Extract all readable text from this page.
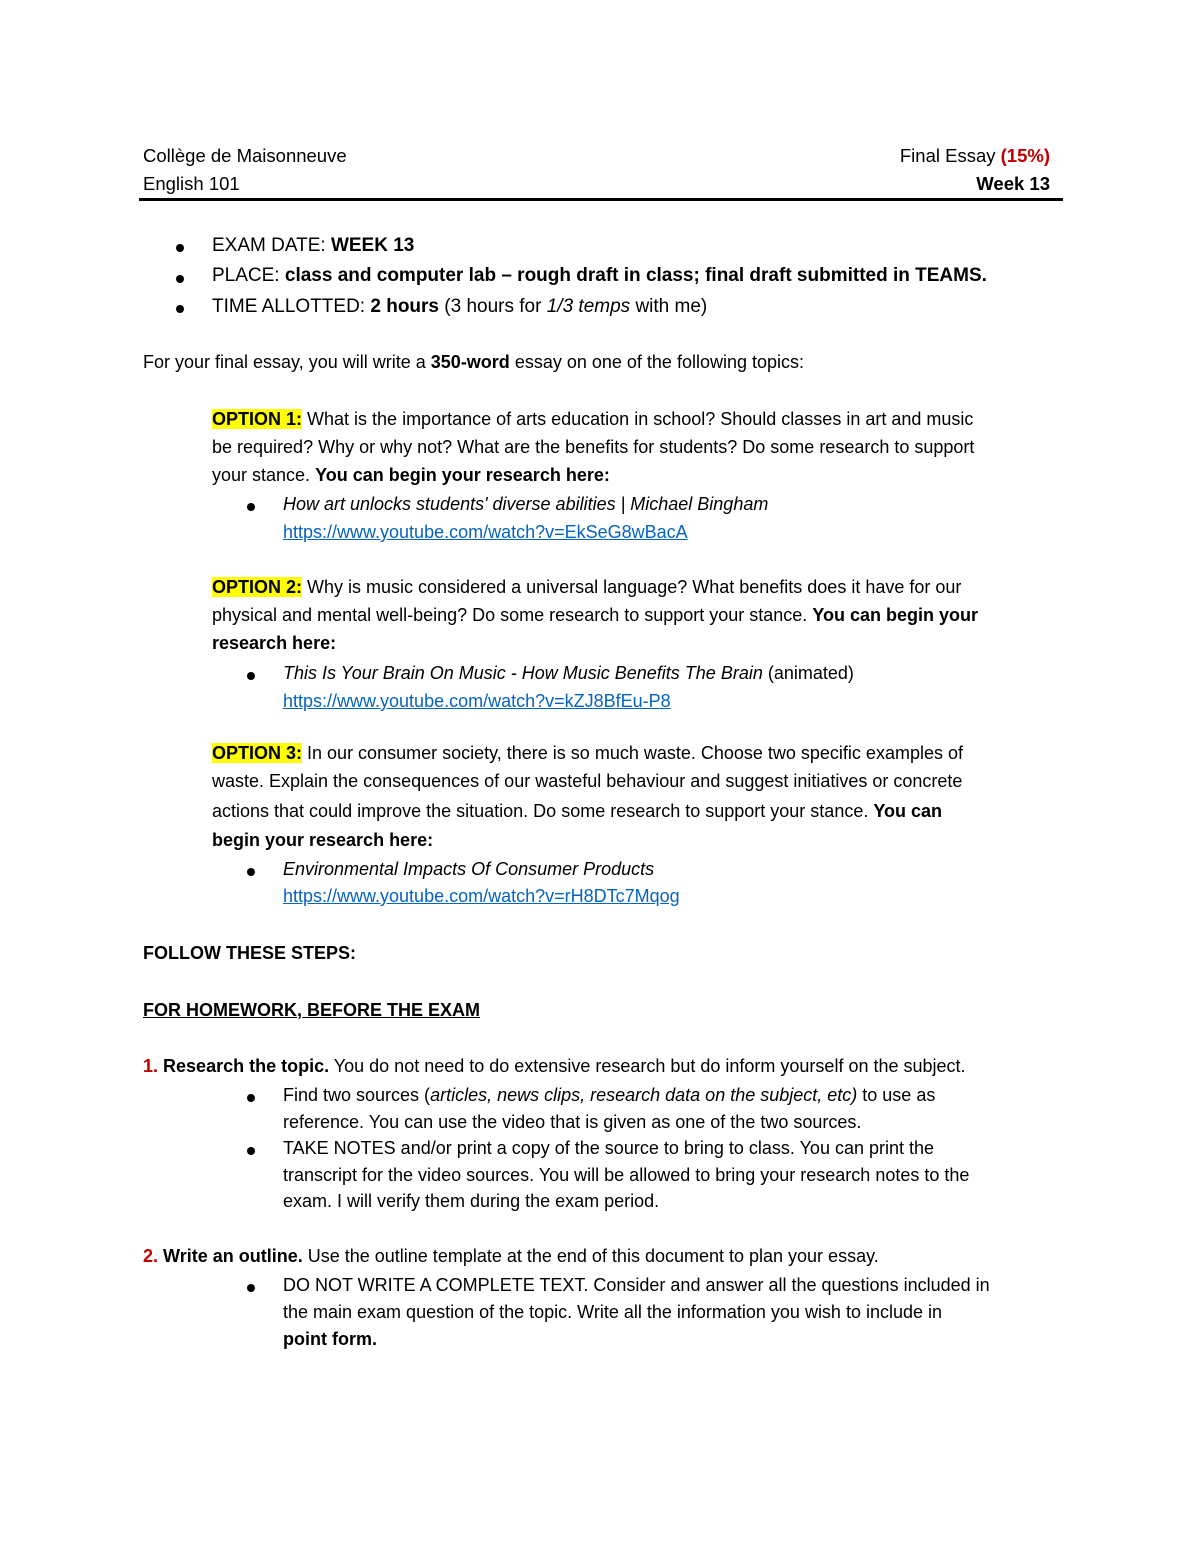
Collège de Maisonneuve
English 101
Final Essay (15%)
Week 13
EXAM DATE: WEEK 13
PLACE: class and computer lab – rough draft in class; final draft submitted in TEAMS.
TIME ALLOTTED: 2 hours (3 hours for 1/3 temps with me)
For your final essay, you will write a 350-word essay on one of the following topics:
OPTION 1: What is the importance of arts education in school? Should classes in art and music
be required? Why or why not? What are the benefits for students? Do some research to support
your stance. You can begin your research here:
How art unlocks students' diverse abilities | Michael Bingham
https://www.youtube.com/watch?v=EkSeG8wBacA
OPTION 2: Why is music considered a universal language? What benefits does it have for our
physical and mental well-being? Do some research to support your stance. You can begin your
research here:
This Is Your Brain On Music - How Music Benefits The Brain (animated)
https://www.youtube.com/watch?v=kZJ8BfEu-P8
OPTION 3: In our consumer society, there is so much waste. Choose two specific examples of
waste. Explain the consequences of our wasteful behaviour and suggest initiatives or concrete
actions that could improve the situation. Do some research to support your stance. You can
begin your research here:
Environmental Impacts Of Consumer Products
https://www.youtube.com/watch?v=rH8DTc7Mqog
FOLLOW THESE STEPS:
FOR HOMEWORK, BEFORE THE EXAM
1. Research the topic. You do not need to do extensive research but do inform yourself on the subject.
Find two sources (articles, news clips, research data on the subject, etc) to use as
reference. You can use the video that is given as one of the two sources.
TAKE NOTES and/or print a copy of the source to bring to class. You can print the
transcript for the video sources. You will be allowed to bring your research notes to the
exam. I will verify them during the exam period.
2. Write an outline. Use the outline template at the end of this document to plan your essay.
DO NOT WRITE A COMPLETE TEXT. Consider and answer all the questions included in
the main exam question of the topic. Write all the information you wish to include in
point form.
